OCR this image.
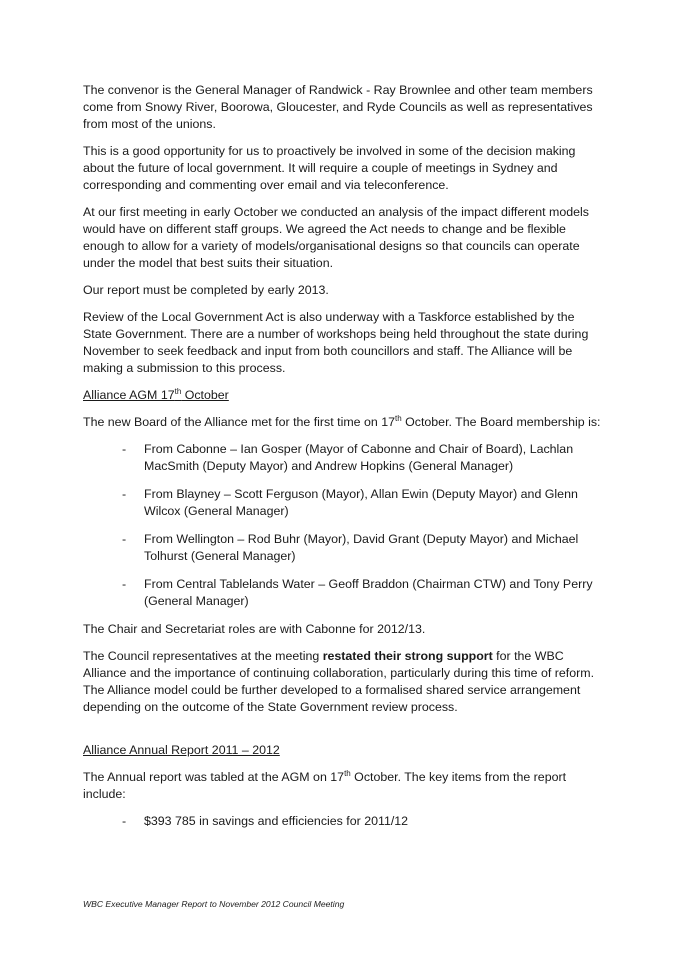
The convenor is the General Manager of Randwick - Ray Brownlee and other team members come from Snowy River, Boorowa, Gloucester, and Ryde Councils as well as representatives from most of the unions.

This is a good opportunity for us to proactively be involved in some of the decision making about the future of local government. It will require a couple of meetings in Sydney and corresponding and commenting over email and via teleconference.

At our first meeting in early October we conducted an analysis of the impact different models would have on different staff groups. We agreed the Act needs to change and be flexible enough to allow for a variety of models/organisational designs so that councils can operate under the model that best suits their situation.

Our report must be completed by early 2013.

Review of the Local Government Act is also underway with a Taskforce established by the State Government. There are a number of workshops being held throughout the state during November to seek feedback and input from both councillors and staff. The Alliance will be making a submission to this process.

Alliance AGM 17th October

The new Board of the Alliance met for the first time on 17th October. The Board membership is:

- From Cabonne – Ian Gosper (Mayor of Cabonne and Chair of Board), Lachlan MacSmith (Deputy Mayor) and Andrew Hopkins (General Manager)
- From Blayney – Scott Ferguson (Mayor), Allan Ewin (Deputy Mayor) and Glenn Wilcox (General Manager)
- From Wellington – Rod Buhr (Mayor), David Grant (Deputy Mayor) and Michael Tolhurst (General Manager)
- From Central Tablelands Water – Geoff Braddon (Chairman CTW) and Tony Perry (General Manager)

The Chair and Secretariat roles are with Cabonne for 2012/13.

The Council representatives at the meeting restated their strong support for the WBC Alliance and the importance of continuing collaboration, particularly during this time of reform. The Alliance model could be further developed to a formalised shared service arrangement depending on the outcome of the State Government review process.

Alliance Annual Report 2011 – 2012

The Annual report was tabled at the AGM on 17th October. The key items from the report include:

- $393 785 in savings and efficiencies for 2011/12
WBC Executive Manager Report to November 2012 Council Meeting
